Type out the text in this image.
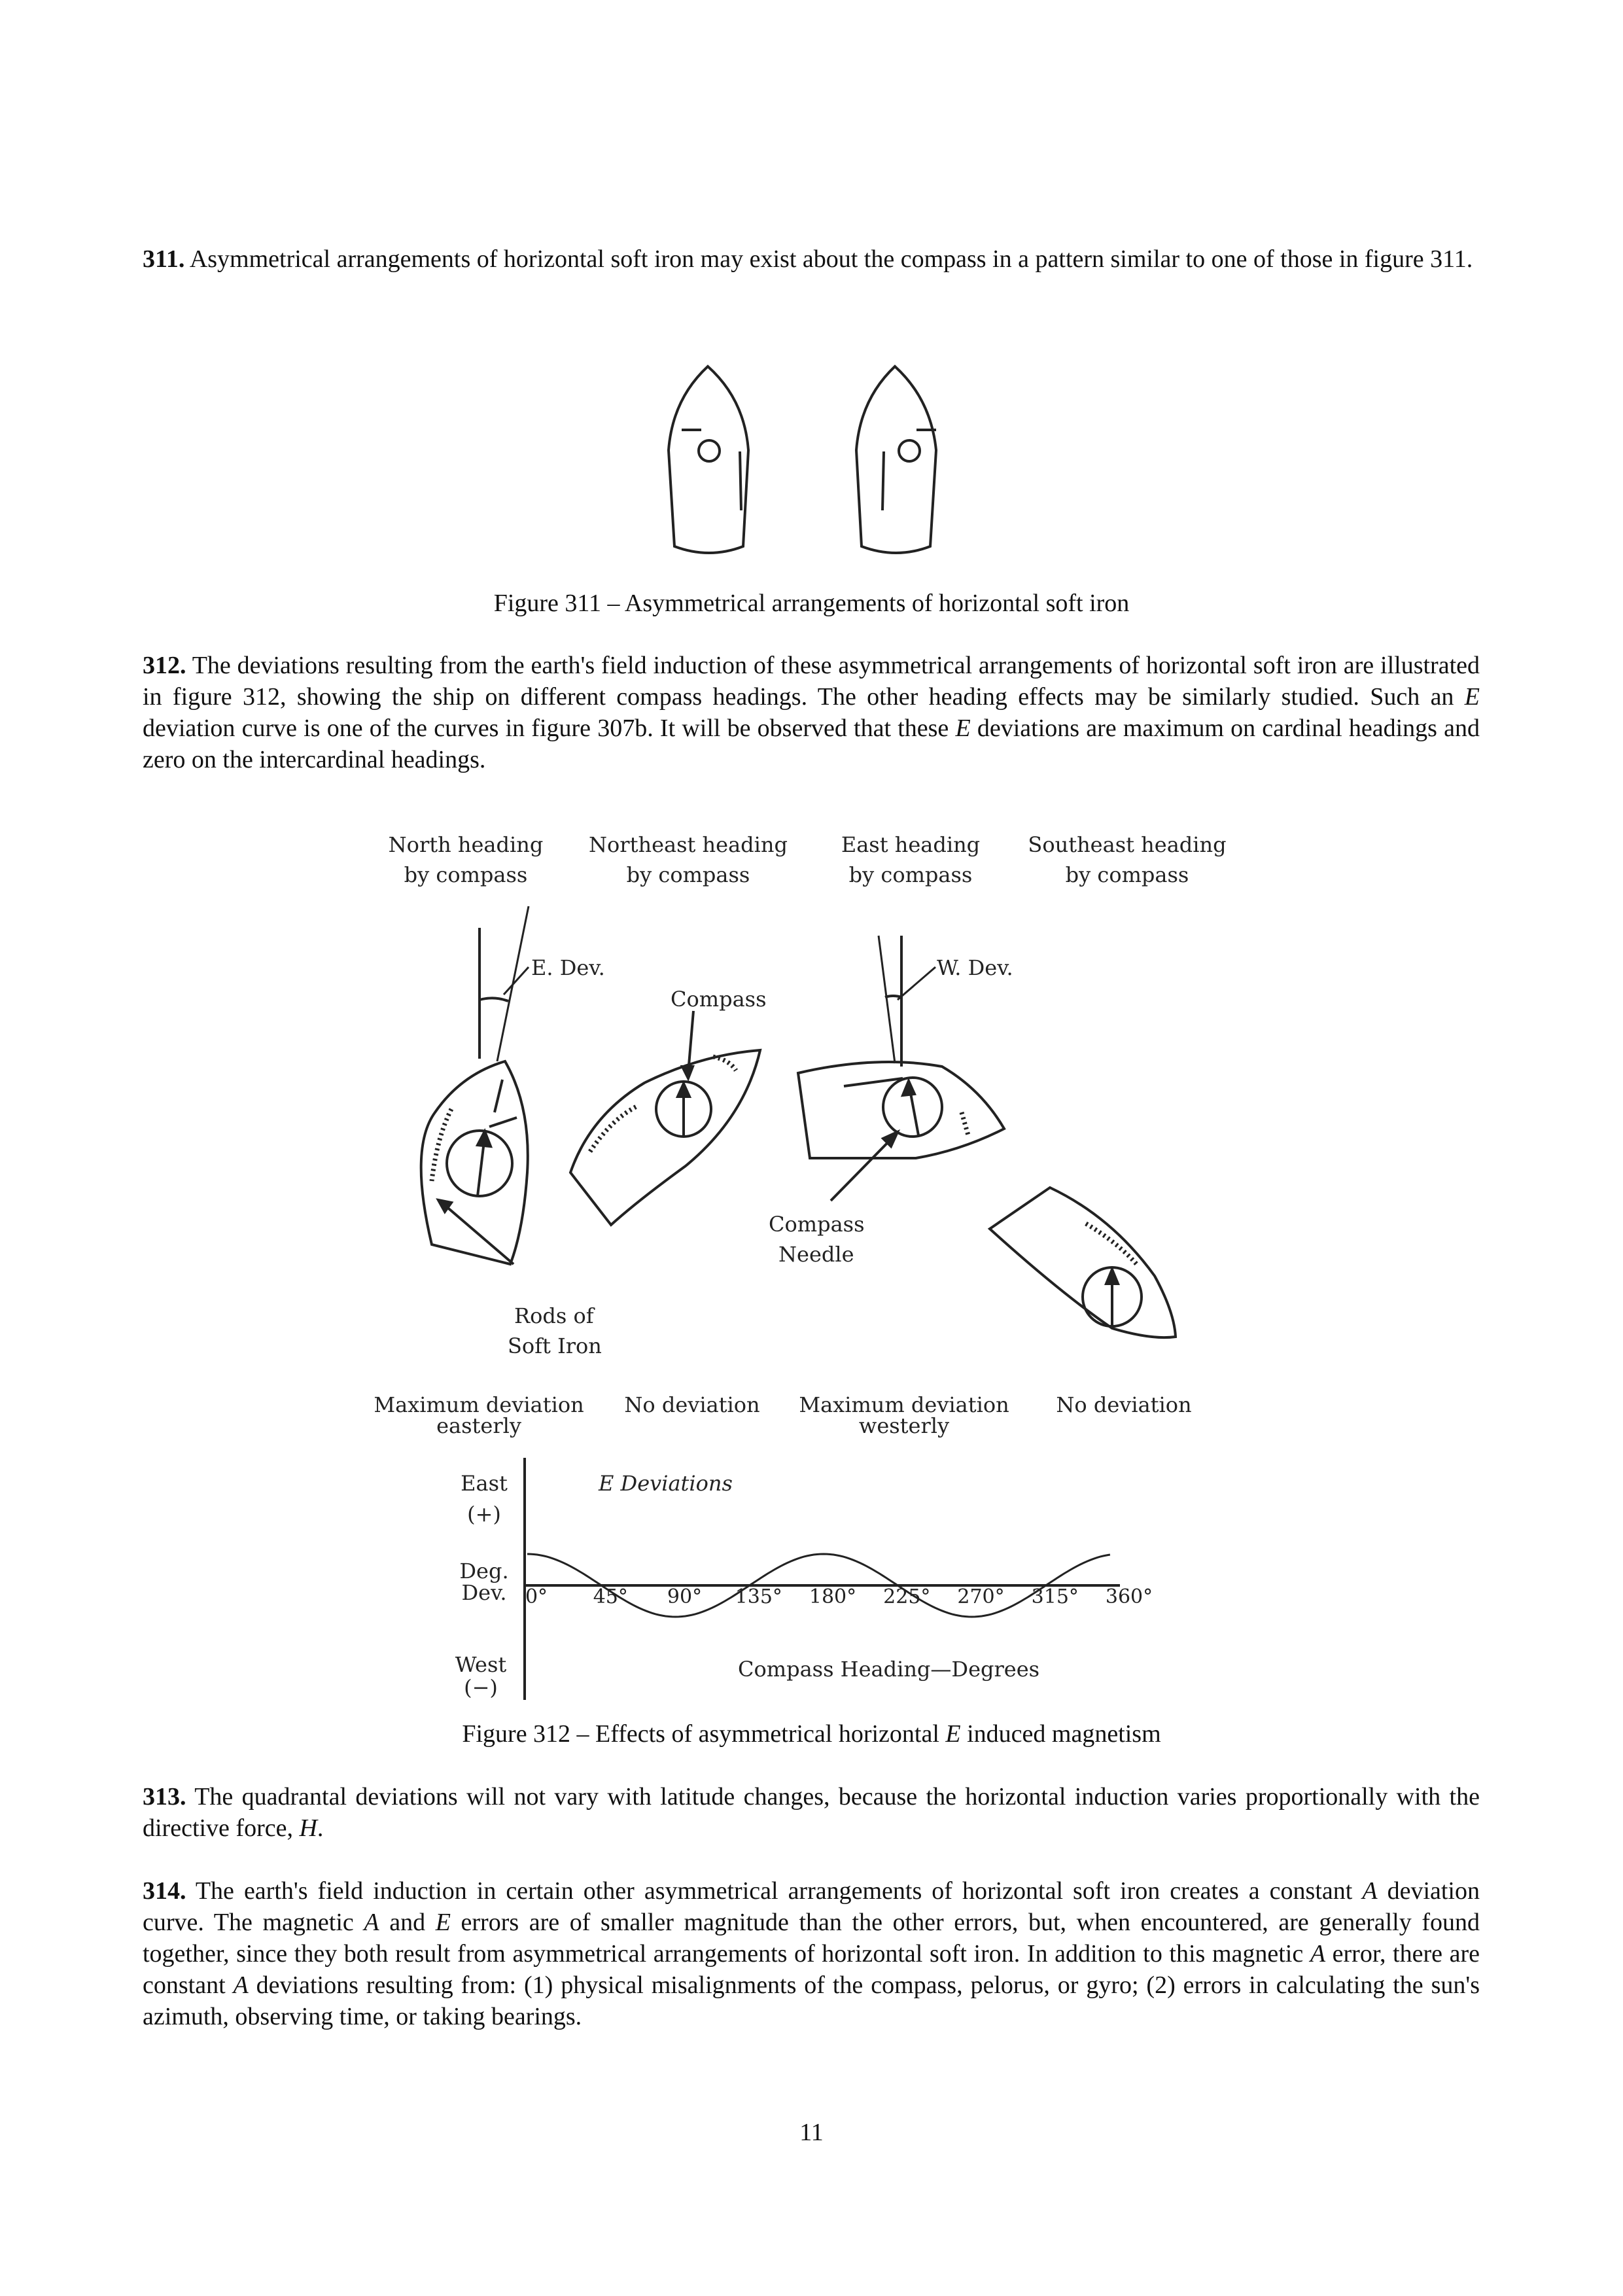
311. Asymmetrical arrangements of horizontal soft iron may exist about the compass in a pattern similar to one of those in figure 311.
Figure 311 – Asymmetrical arrangements of horizontal soft iron
312. The deviations resulting from the earth's field induction of these asymmetrical arrangements of horizontal soft iron are illustrated in figure 312, showing the ship on different compass headings. The other heading effects may be similarly studied. Such an E deviation curve is one of the curves in figure 307b. It will be observed that these E deviations are maximum on cardinal headings and zero on the intercardinal headings.
North heading
by compass
Northeast heading
by compass
East heading
by compass
Southeast heading
by compass
E. Dev.	W. Dev.
Compass
Compass
Needle
Rods of
Soft Iron
Maximum deviation
easterly
No deviation Maximum deviation
westerly
No deviation
East
(+)
Deg.
Dev.
West
(−)
E Deviations
Compass Heading—Degrees
0° 45° 90° 135° 180° 225° 270° 315° 360°
Figure 312 – Effects of asymmetrical horizontal E induced magnetism
313. The quadrantal deviations will not vary with latitude changes, because the horizontal induction varies proportionally with the directive force, H.
314. The earth's field induction in certain other asymmetrical arrangements of horizontal soft iron creates a constant A deviation curve. The magnetic A and E errors are of smaller magnitude than the other errors, but, when encountered, are generally found together, since they both result from asymmetrical arrangements of horizontal soft iron. In addition to this magnetic A error, there are constant A deviations resulting from: (1) physical misalignments of the compass, pelorus, or gyro; (2) errors in calculating the sun's azimuth, observing time, or taking bearings.
11
